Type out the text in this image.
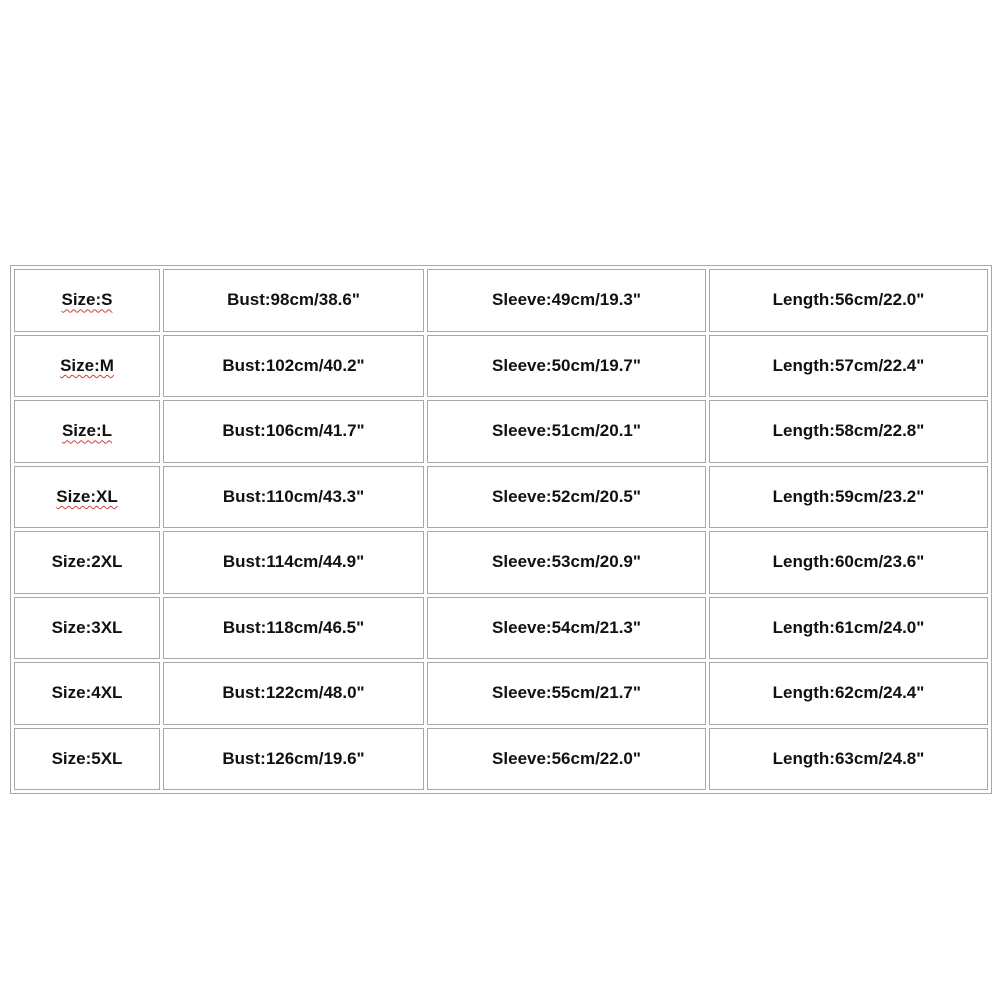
Size:S	Bust:98cm/38.6"	Sleeve:49cm/19.3"	Length:56cm/22.0"
Size:M	Bust:102cm/40.2"	Sleeve:50cm/19.7"	Length:57cm/22.4"
Size:L	Bust:106cm/41.7"	Sleeve:51cm/20.1"	Length:58cm/22.8"
Size:XL	Bust:110cm/43.3"	Sleeve:52cm/20.5"	Length:59cm/23.2"
Size:2XL	Bust:114cm/44.9"	Sleeve:53cm/20.9"	Length:60cm/23.6"
Size:3XL	Bust:118cm/46.5"	Sleeve:54cm/21.3"	Length:61cm/24.0"
Size:4XL	Bust:122cm/48.0"	Sleeve:55cm/21.7"	Length:62cm/24.4"
Size:5XL	Bust:126cm/19.6"	Sleeve:56cm/22.0"	Length:63cm/24.8"
